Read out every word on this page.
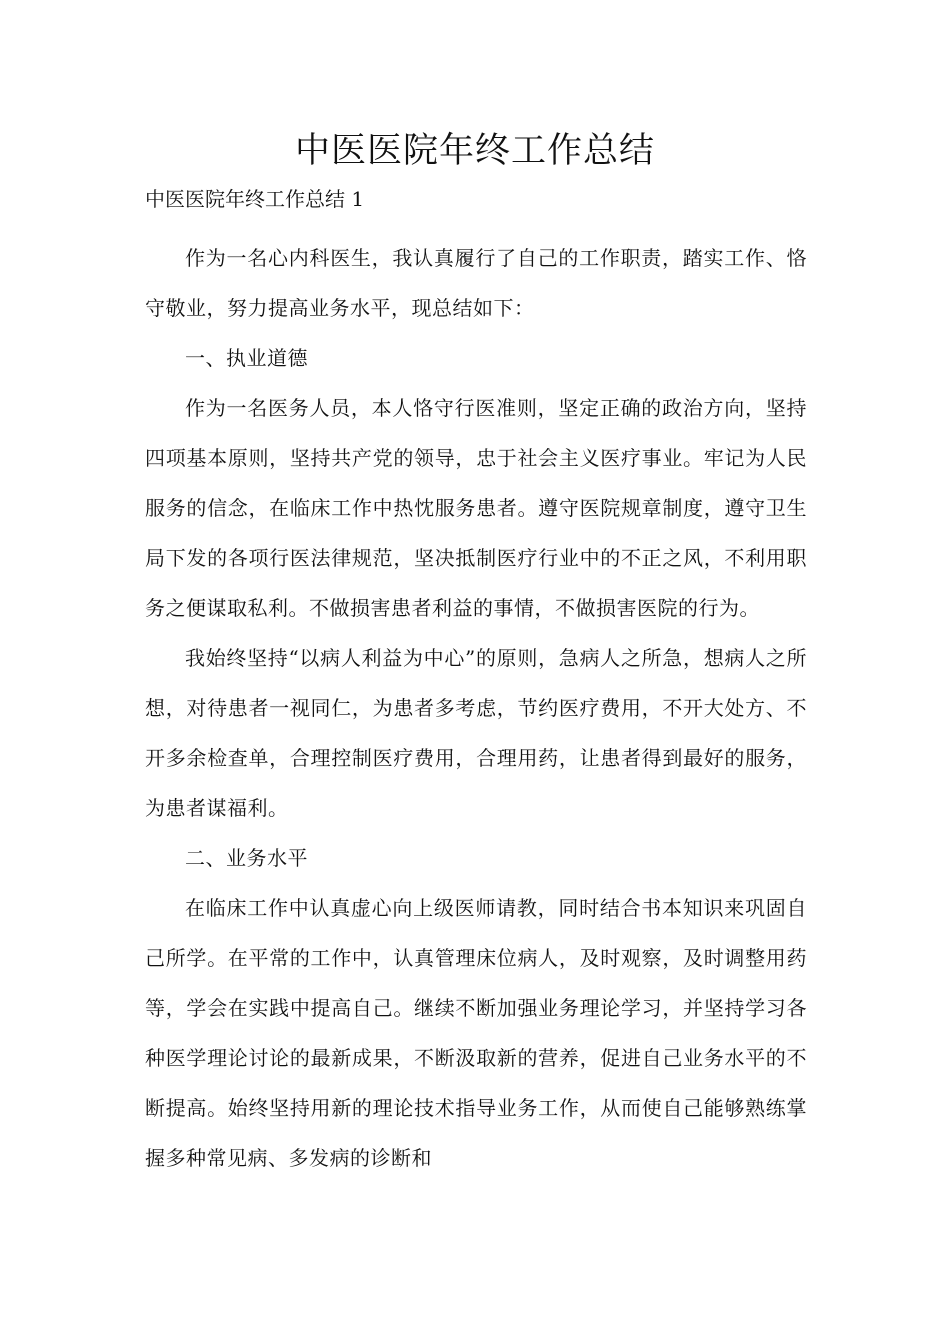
中医医院年终工作总结
中医医院年终工作总结 1

作为一名心内科医生，我认真履行了自己的工作职责，踏实工作、恪守敬业，努力提高业务水平，现总结如下：

一、执业道德

作为一名医务人员，本人恪守行医准则，坚定正确的政治方向，坚持四项基本原则，坚持共产党的领导，忠于社会主义医疗事业。牢记为人民服务的信念，在临床工作中热忱服务患者。遵守医院规章制度，遵守卫生局下发的各项行医法律规范，坚决抵制医疗行业中的不正之风，不利用职务之便谋取私利。不做损害患者利益的事情，不做损害医院的行为。

我始终坚持“以病人利益为中心”的原则，急病人之所急，想病人之所想，对待患者一视同仁，为患者多考虑，节约医疗费用，不开大处方、不开多余检查单，合理控制医疗费用，合理用药，让患者得到最好的服务，为患者谋福利。

二、业务水平

在临床工作中认真虚心向上级医师请教，同时结合书本知识来巩固自己所学。在平常的工作中，认真管理床位病人，及时观察，及时调整用药等，学会在实践中提高自己。继续不断加强业务理论学习，并坚持学习各种医学理论讨论的最新成果，不断汲取新的营养，促进自己业务水平的不断提高。始终坚持用新的理论技术指导业务工作，从而使自己能够熟练掌握多种常见病、多发病的诊断和
